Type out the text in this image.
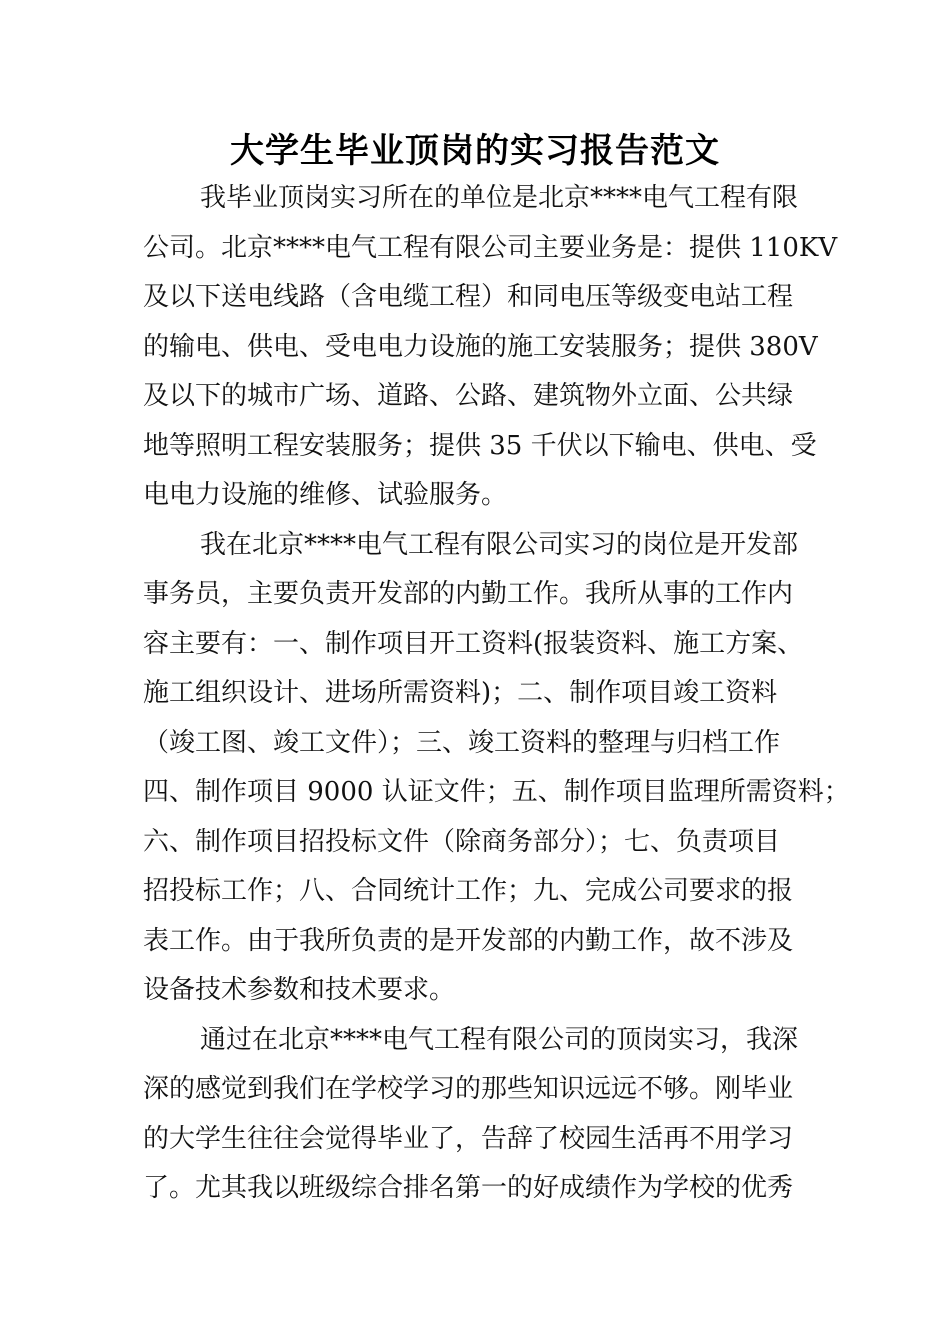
大学生毕业顶岗的实习报告范文
我毕业顶岗实习所在的单位是北京****电气工程有限
公司。北京****电气工程有限公司主要业务是：提供 110KV
及以下送电线路（含电缆工程）和同电压等级变电站工程
的输电、供电、受电电力设施的施工安装服务；提供 380V
及以下的城市广场、道路、公路、建筑物外立面、公共绿
地等照明工程安装服务；提供 35 千伏以下输电、供电、受
电电力设施的维修、试验服务。
我在北京****电气工程有限公司实习的岗位是开发部
事务员，主要负责开发部的内勤工作。我所从事的工作内
容主要有：一、制作项目开工资料(报装资料、施工方案、
施工组织设计、进场所需资料)；二、制作项目竣工资料
（竣工图、竣工文件）；三、竣工资料的整理与归档工作
四、制作项目 9000 认证文件；五、制作项目监理所需资料；
六、制作项目招投标文件（除商务部分）；七、负责项目
招投标工作；八、合同统计工作；九、完成公司要求的报
表工作。由于我所负责的是开发部的内勤工作，故不涉及
设备技术参数和技术要求。
通过在北京****电气工程有限公司的顶岗实习，我深
深的感觉到我们在学校学习的那些知识远远不够。刚毕业
的大学生往往会觉得毕业了，告辞了校园生活再不用学习
了。尤其我以班级综合排名第一的好成绩作为学校的优秀
